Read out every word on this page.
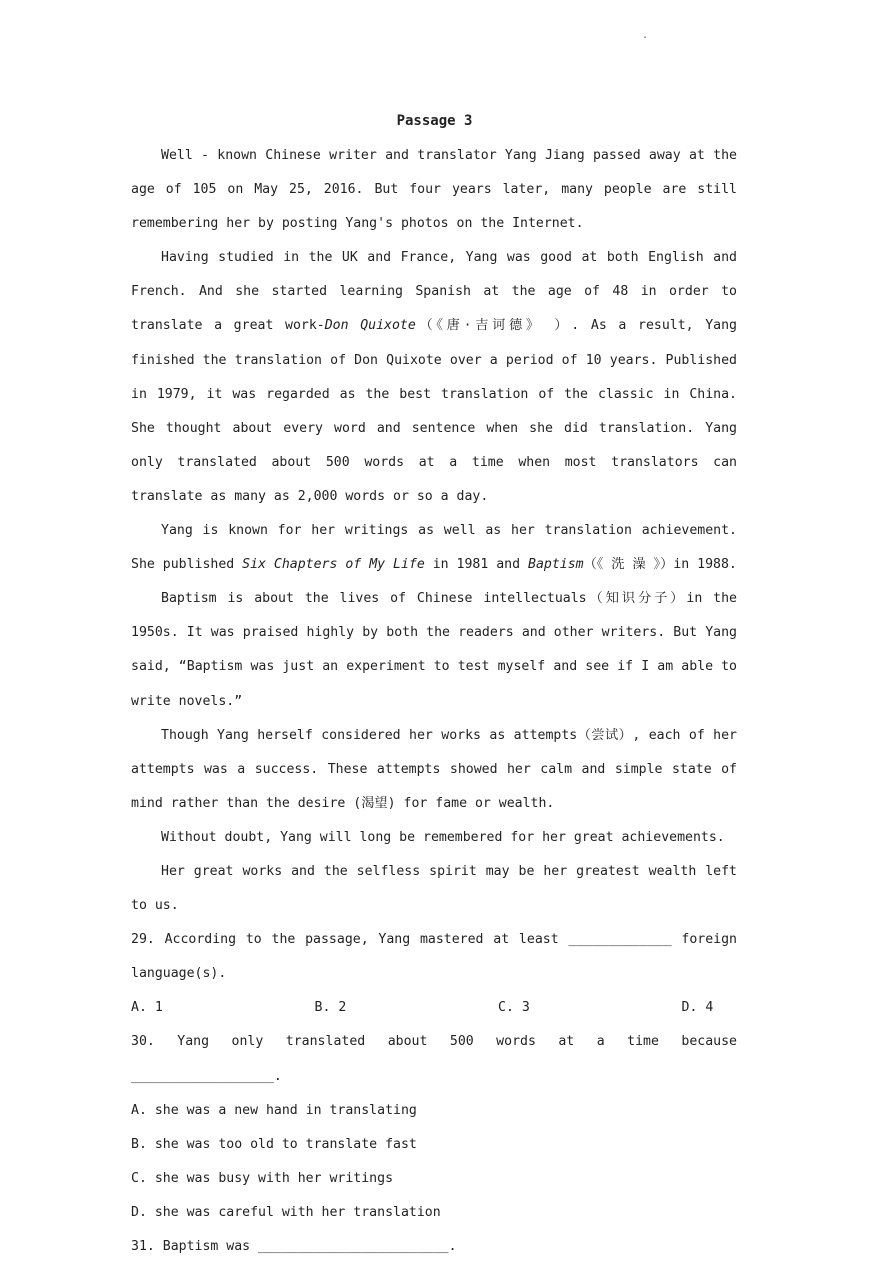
.
Passage 3

Well - known Chinese writer and translator Yang Jiang passed away at the age of 105 on May 25, 2016. But four years later, many people are still remembering her by posting Yang's photos on the Internet.

Having studied in the UK and France, Yang was good at both English and French. And she started learning Spanish at the age of 48 in order to translate a great work-Don Quixote（《唐·吉诃德》 ）. As a result, Yang finished the translation of Don Quixote over a period of 10 years. Published in 1979, it was regarded as the best translation of the classic in China. She thought about every word and sentence when she did translation. Yang only translated about 500 words at a time when most translators can translate as many as 2,000 words or so a day.

Yang is known for her writings as well as her translation achievement. She published Six Chapters of My Life in 1981 and Baptism（《 洗 澡 》）in 1988.

Baptism is about the lives of Chinese intellectuals（知识分子）in the 1950s. It was praised highly by both the readers and other writers. But Yang said, “Baptism was just an experiment to test myself and see if I am able to write novels.”

Though Yang herself considered her works as attempts（尝试）, each of her attempts was a success. These attempts showed her calm and simple state of mind rather than the desire (渴望) for fame or wealth.

Without doubt, Yang will long be remembered for her great achievements.

Her great works and the selfless spirit may be her greatest wealth left to us.

29. According to the passage, Yang mastered at least _____________ foreign language(s).

A. 1	B. 2	C. 3	D. 4

30. Yang only translated about 500 words at a time because __________________.

A. she was a new hand in translating

B. she was too old to translate fast

C. she was busy with her writings

D. she was careful with her translation

31. Baptism was ________________________.
